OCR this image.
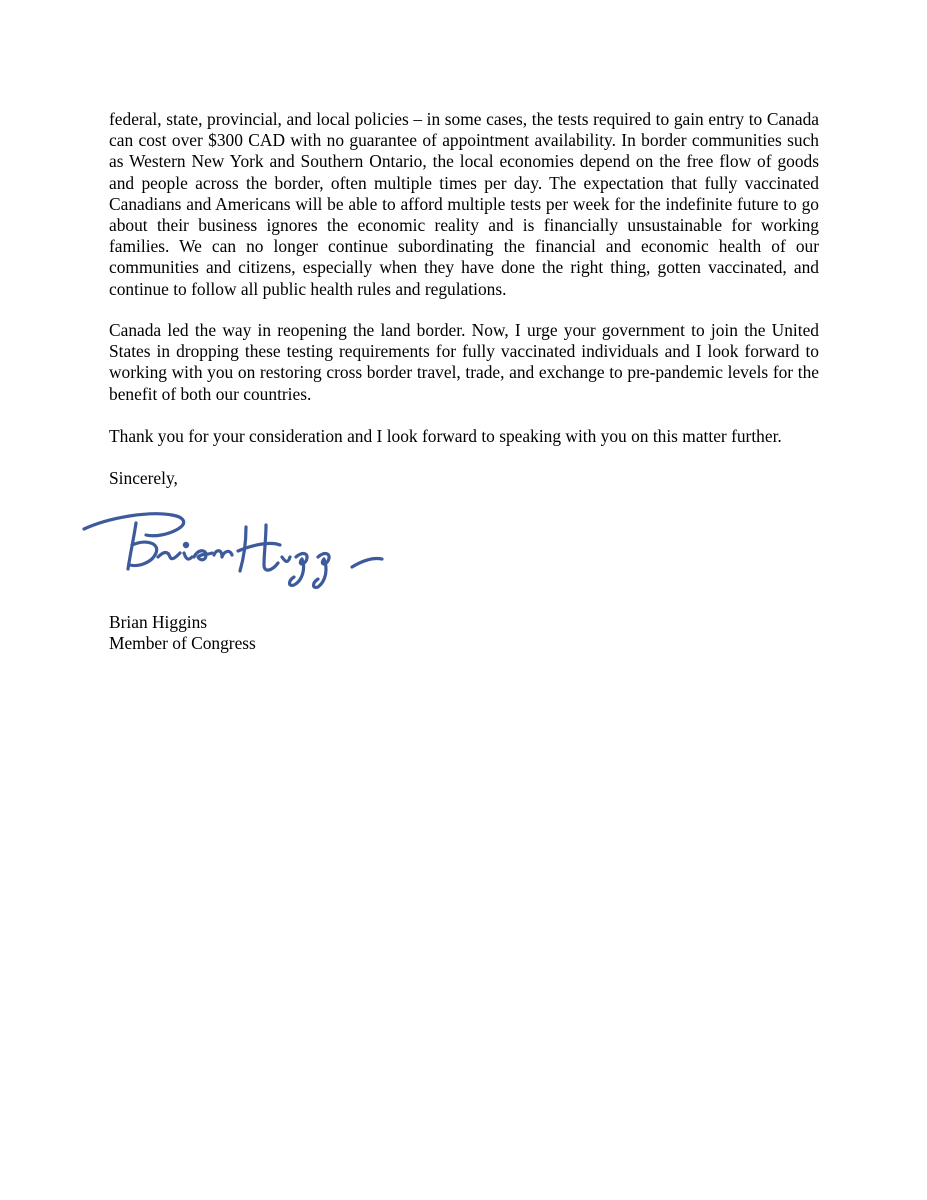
federal, state, provincial, and local policies – in some cases, the tests required to gain entry to Canada can cost over $300 CAD with no guarantee of appointment availability. In border communities such as Western New York and Southern Ontario, the local economies depend on the free flow of goods and people across the border, often multiple times per day. The expectation that fully vaccinated Canadians and Americans will be able to afford multiple tests per week for the indefinite future to go about their business ignores the economic reality and is financially unsustainable for working families. We can no longer continue subordinating the financial and economic health of our communities and citizens, especially when they have done the right thing, gotten vaccinated, and continue to follow all public health rules and regulations.

Canada led the way in reopening the land border. Now, I urge your government to join the United States in dropping these testing requirements for fully vaccinated individuals and I look forward to working with you on restoring cross border travel, trade, and exchange to pre-pandemic levels for the benefit of both our countries.

Thank you for your consideration and I look forward to speaking with you on this matter further.

Sincerely,

Brian Higgins
Member of Congress
